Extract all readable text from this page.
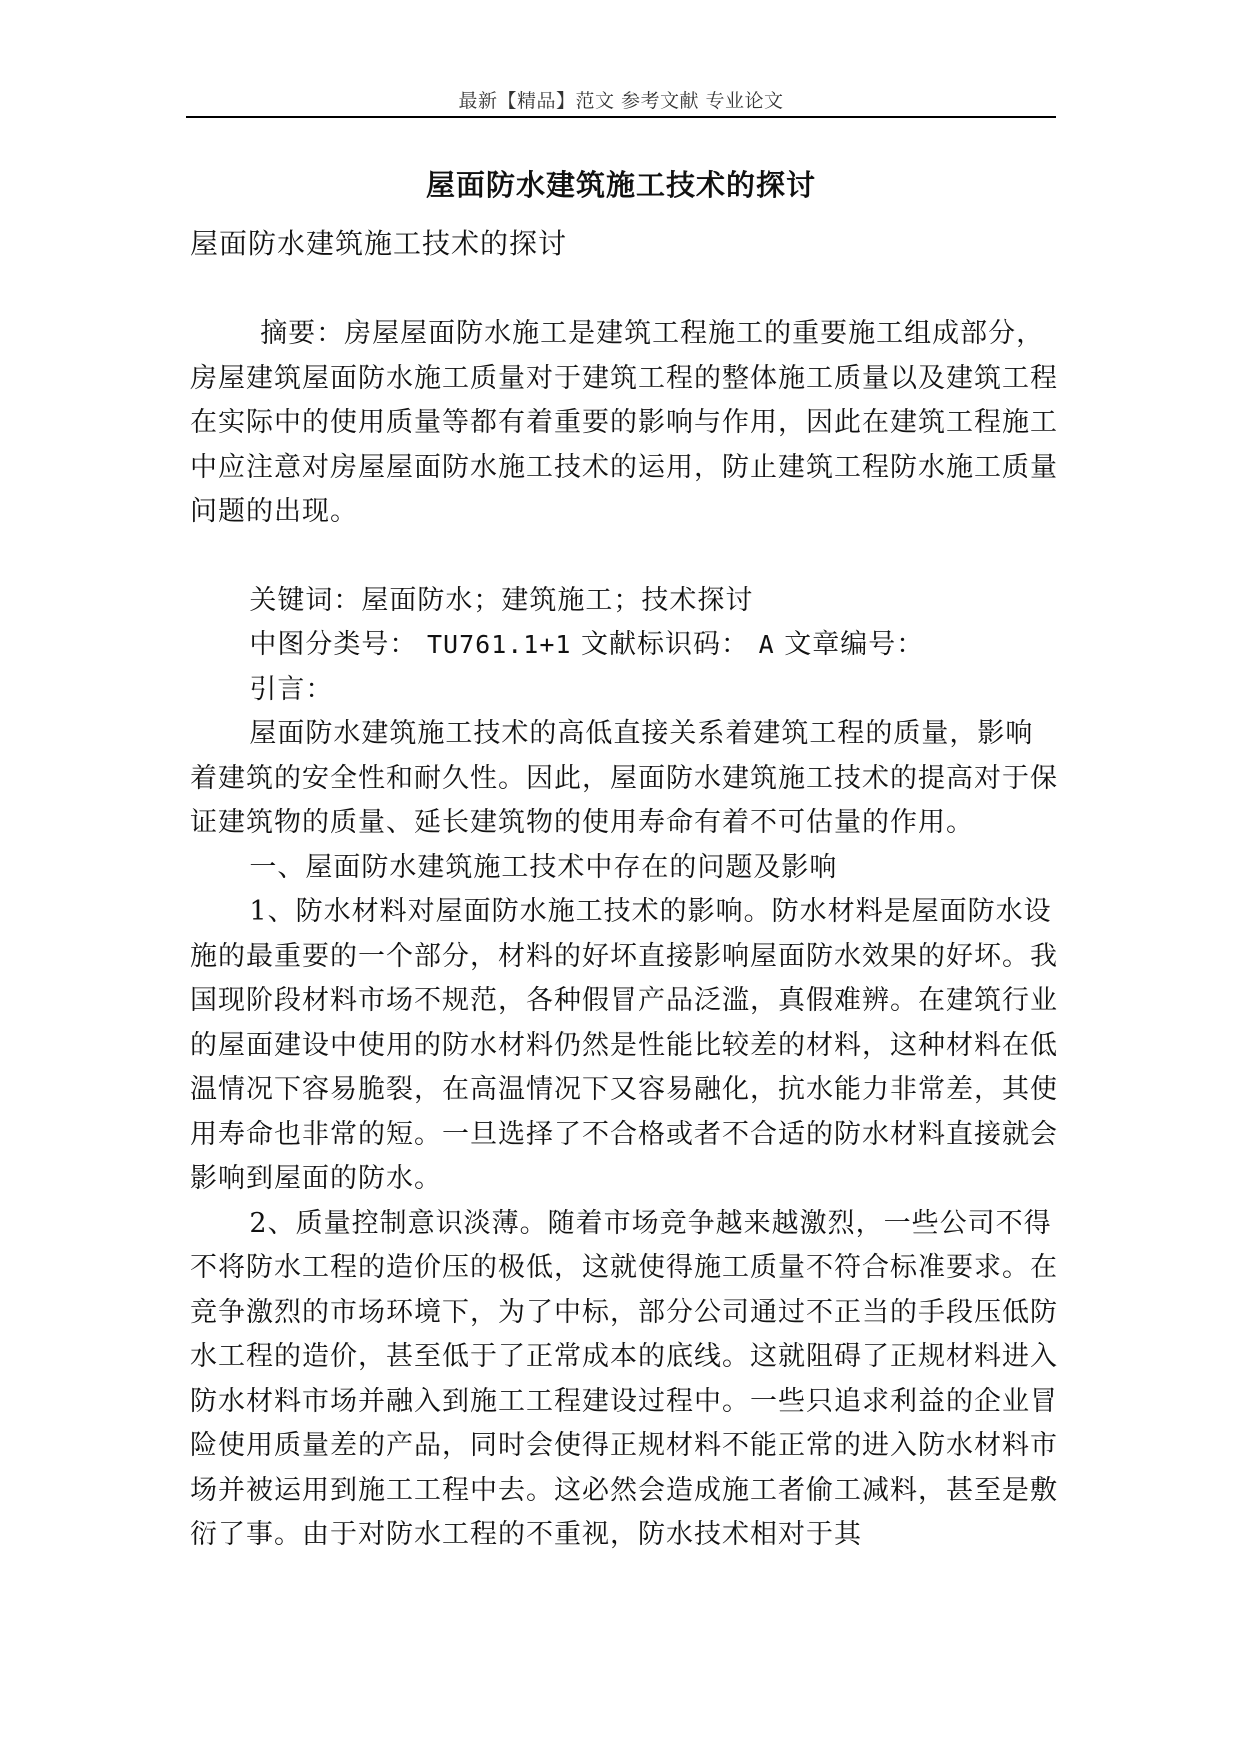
最新【精品】范文 参考文献 专业论文
屋面防水建筑施工技术的探讨
屋面防水建筑施工技术的探讨

摘要：房屋屋面防水施工是建筑工程施工的重要施工组成部分，房屋建筑屋面防水施工质量对于建筑工程的整体施工质量以及建筑工程在实际中的使用质量等都有着重要的影响与作用，因此在建筑工程施工中应注意对房屋屋面防水施工技术的运用，防止建筑工程防水施工质量问题的出现。

关键词：屋面防水；建筑施工；技术探讨

中图分类号： TU761.1+1 文献标识码： A 文章编号：

引言：

屋面防水建筑施工技术的高低直接关系着建筑工程的质量，影响着建筑的安全性和耐久性。因此，屋面防水建筑施工技术的提高对于保证建筑物的质量、延长建筑物的使用寿命有着不可估量的作用。

一、屋面防水建筑施工技术中存在的问题及影响

1、防水材料对屋面防水施工技术的影响。防水材料是屋面防水设施的最重要的一个部分，材料的好坏直接影响屋面防水效果的好坏。我国现阶段材料市场不规范，各种假冒产品泛滥，真假难辨。在建筑行业的屋面建设中使用的防水材料仍然是性能比较差的材料，这种材料在低温情况下容易脆裂，在高温情况下又容易融化，抗水能力非常差，其使用寿命也非常的短。一旦选择了不合格或者不合适的防水材料直接就会影响到屋面的防水。

2、质量控制意识淡薄。随着市场竞争越来越激烈，一些公司不得不将防水工程的造价压的极低，这就使得施工质量不符合标准要求。在竞争激烈的市场环境下，为了中标，部分公司通过不正当的手段压低防水工程的造价，甚至低于了正常成本的底线。这就阻碍了正规材料进入防水材料市场并融入到施工工程建设过程中。一些只追求利益的企业冒险使用质量差的产品，同时会使得正规材料不能正常的进入防水材料市场并被运用到施工工程中去。这必然会造成施工者偷工减料，甚至是敷衍了事。由于对防水工程的不重视，防水技术相对于其
